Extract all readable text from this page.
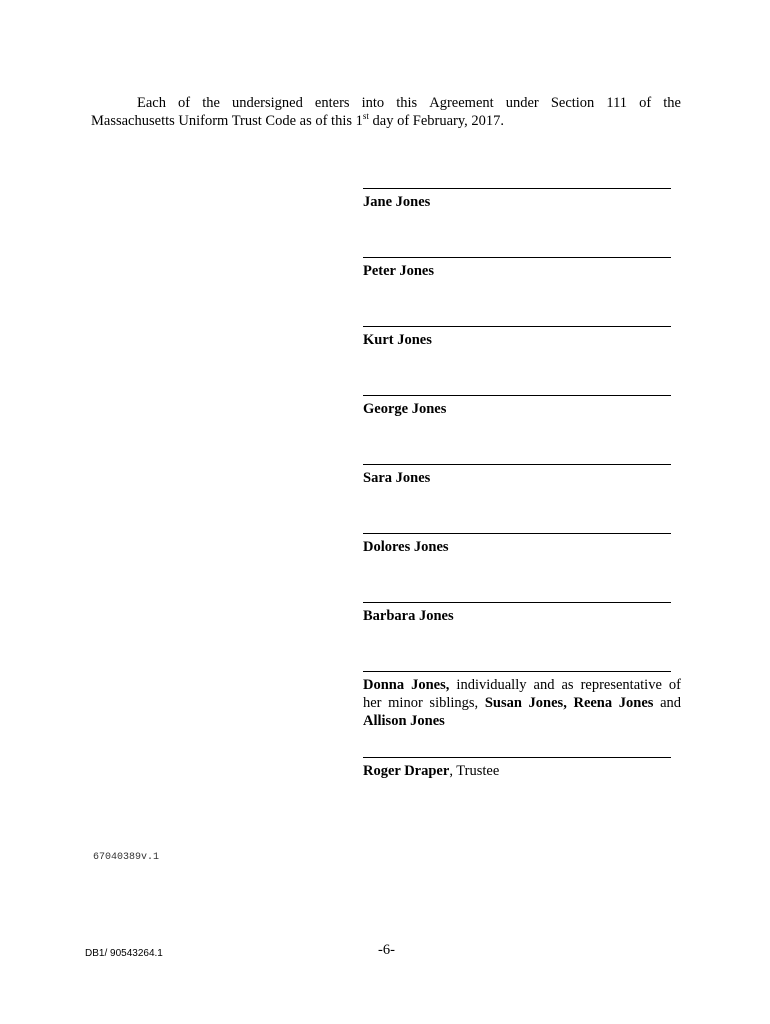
Each of the undersigned enters into this Agreement under Section 111 of the
Massachusetts Uniform Trust Code as of this 1st day of February, 2017.
Jane Jones
Peter Jones
Kurt Jones
George Jones
Sara Jones
Dolores Jones
Barbara Jones
Donna Jones, individually and as representative of her minor siblings, Susan Jones, Reena Jones and Allison Jones
Roger Draper, Trustee
67040389v.1
DB1/ 90543264.1	-6-
